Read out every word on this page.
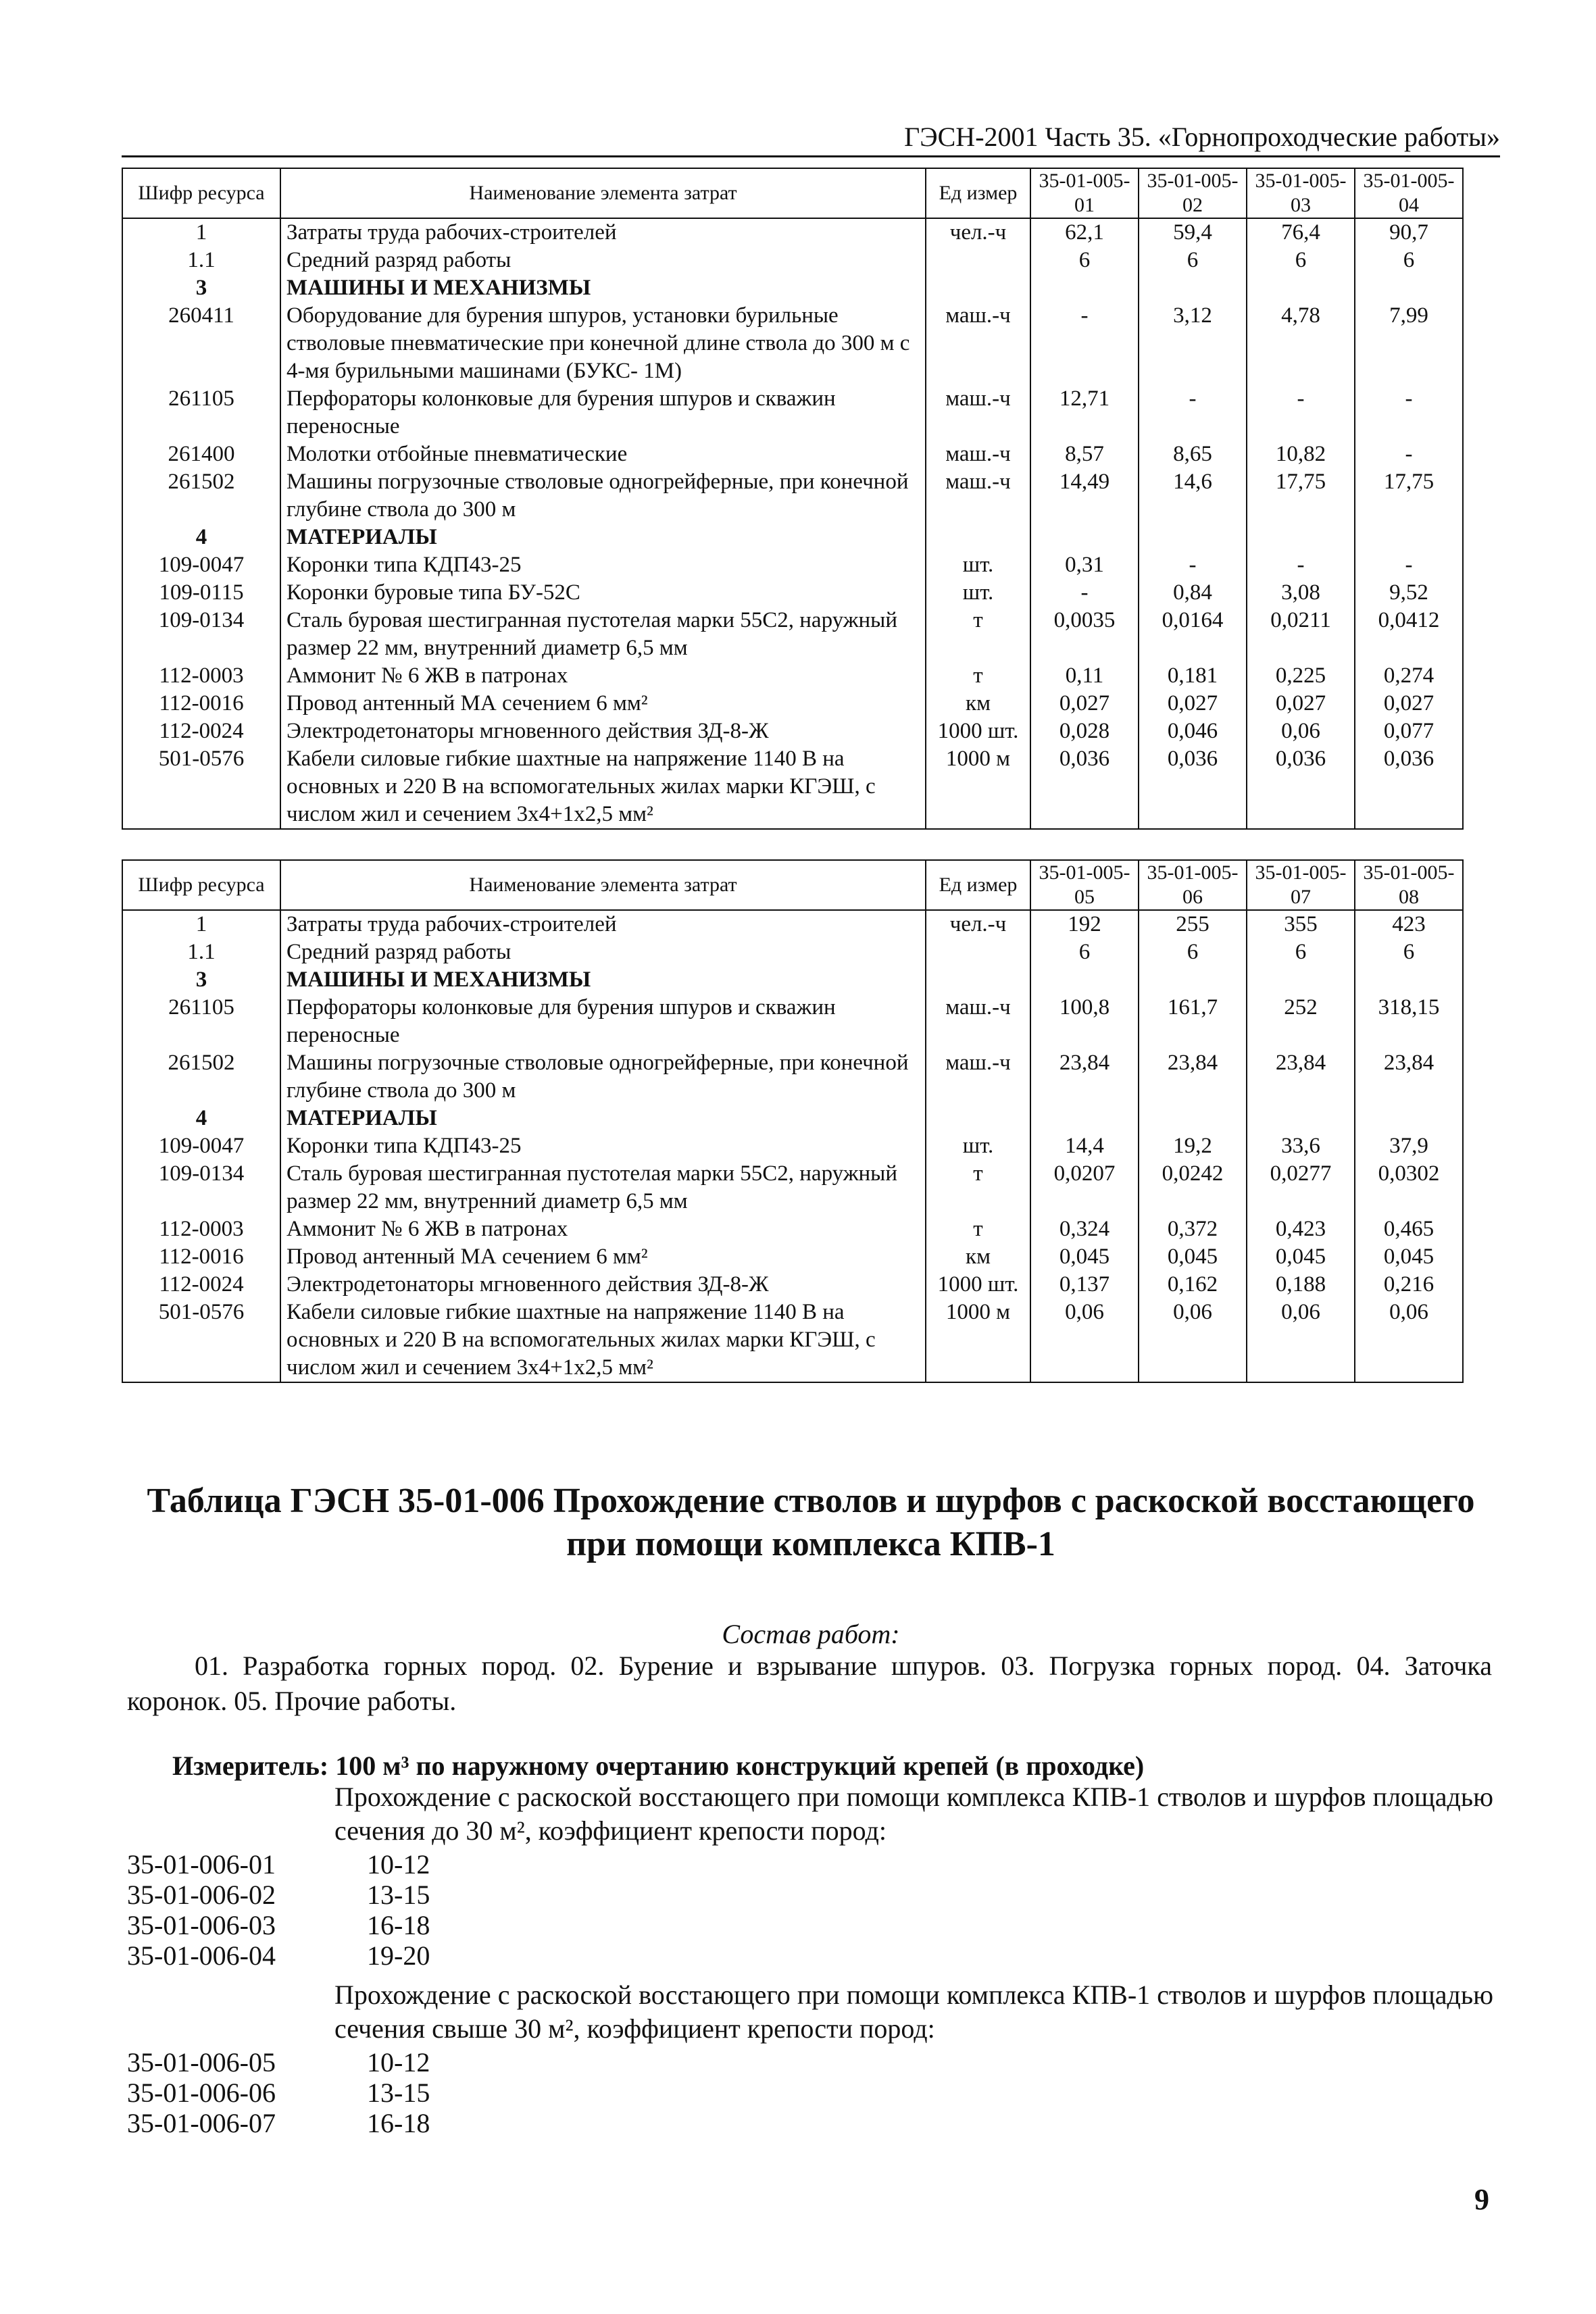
ГЭСН-2001 Часть 35. «Горнопроходческие работы»
Шифр ресурса	Наименование элемента затрат	Ед измер	35-01-005-01	35-01-005-02	35-01-005-03	35-01-005-04
1	Затраты труда рабочих-строителей	чел.-ч	62,1	59,4	76,4	90,7
1.1	Средний разряд работы		6	6	6	6
3	МАШИНЫ И МЕХАНИЗМЫ					
260411	Оборудование для бурения шпуров, установки бурильные стволовые пневматические при конечной длине ствола до 300 м с 4-мя бурильными машинами (БУКС- 1М)	маш.-ч	-	3,12	4,78	7,99
261105	Перфораторы колонковые для бурения шпуров и скважин переносные	маш.-ч	12,71	-	-	-
261400	Молотки отбойные пневматические	маш.-ч	8,57	8,65	10,82	-
261502	Машины погрузочные стволовые одногрейферные, при конечной глубине ствола до 300 м	маш.-ч	14,49	14,6	17,75	17,75
4	МАТЕРИАЛЫ					
109-0047	Коронки типа КДП43-25	шт.	0,31	-	-	-
109-0115	Коронки буровые типа БУ-52С	шт.	-	0,84	3,08	9,52
109-0134	Сталь буровая шестигранная пустотелая марки 55С2, наружный размер 22 мм, внутренний диаметр 6,5 мм	т	0,0035	0,0164	0,0211	0,0412
112-0003	Аммонит № 6 ЖВ в патронах	т	0,11	0,181	0,225	0,274
112-0016	Провод антенный МА сечением 6 мм²	км	0,027	0,027	0,027	0,027
112-0024	Электродетонаторы мгновенного действия ЗД-8-Ж	1000 шт.	0,028	0,046	0,06	0,077
501-0576	Кабели силовые гибкие шахтные на напряжение 1140 В на основных и 220 В на вспомогательных жилах марки КГЭШ, с числом жил и сечением 3х4+1х2,5 мм²	1000 м	0,036	0,036	0,036	0,036
Шифр ресурса	Наименование элемента затрат	Ед измер	35-01-005-05	35-01-005-06	35-01-005-07	35-01-005-08
1	Затраты труда рабочих-строителей	чел.-ч	192	255	355	423
1.1	Средний разряд работы		6	6	6	6
3	МАШИНЫ И МЕХАНИЗМЫ					
261105	Перфораторы колонковые для бурения шпуров и скважин переносные	маш.-ч	100,8	161,7	252	318,15
261502	Машины погрузочные стволовые одногрейферные, при конечной глубине ствола до 300 м	маш.-ч	23,84	23,84	23,84	23,84
4	МАТЕРИАЛЫ					
109-0047	Коронки типа КДП43-25	шт.	14,4	19,2	33,6	37,9
109-0134	Сталь буровая шестигранная пустотелая марки 55С2, наружный размер 22 мм, внутренний диаметр 6,5 мм	т	0,0207	0,0242	0,0277	0,0302
112-0003	Аммонит № 6 ЖВ в патронах	т	0,324	0,372	0,423	0,465
112-0016	Провод антенный МА сечением 6 мм²	км	0,045	0,045	0,045	0,045
112-0024	Электродетонаторы мгновенного действия ЗД-8-Ж	1000 шт.	0,137	0,162	0,188	0,216
501-0576	Кабели силовые гибкие шахтные на напряжение 1140 В на основных и 220 В на вспомогательных жилах марки КГЭШ, с числом жил и сечением 3х4+1х2,5 мм²	1000 м	0,06	0,06	0,06	0,06
Таблица ГЭСН 35-01-006 Прохождение стволов и шурфов с раскоской восстающего при помощи комплекса КПВ-1
Состав работ:
01. Разработка горных пород. 02. Бурение и взрывание шпуров. 03. Погрузка горных пород. 04. Заточка коронок. 05. Прочие работы.
Измеритель: 100 м³ по наружному очертанию конструкций крепей (в проходке)
Прохождение с раскоской восстающего при помощи комплекса КПВ-1 стволов и шурфов площадью сечения до 30 м², коэффициент крепости пород:
35-01-006-01	10-12
35-01-006-02	13-15
35-01-006-03	16-18
35-01-006-04	19-20
Прохождение с раскоской восстающего при помощи комплекса КПВ-1 стволов и шурфов площадью сечения свыше 30 м², коэффициент крепости пород:
35-01-006-05	10-12
35-01-006-06	13-15
35-01-006-07	16-18
9
